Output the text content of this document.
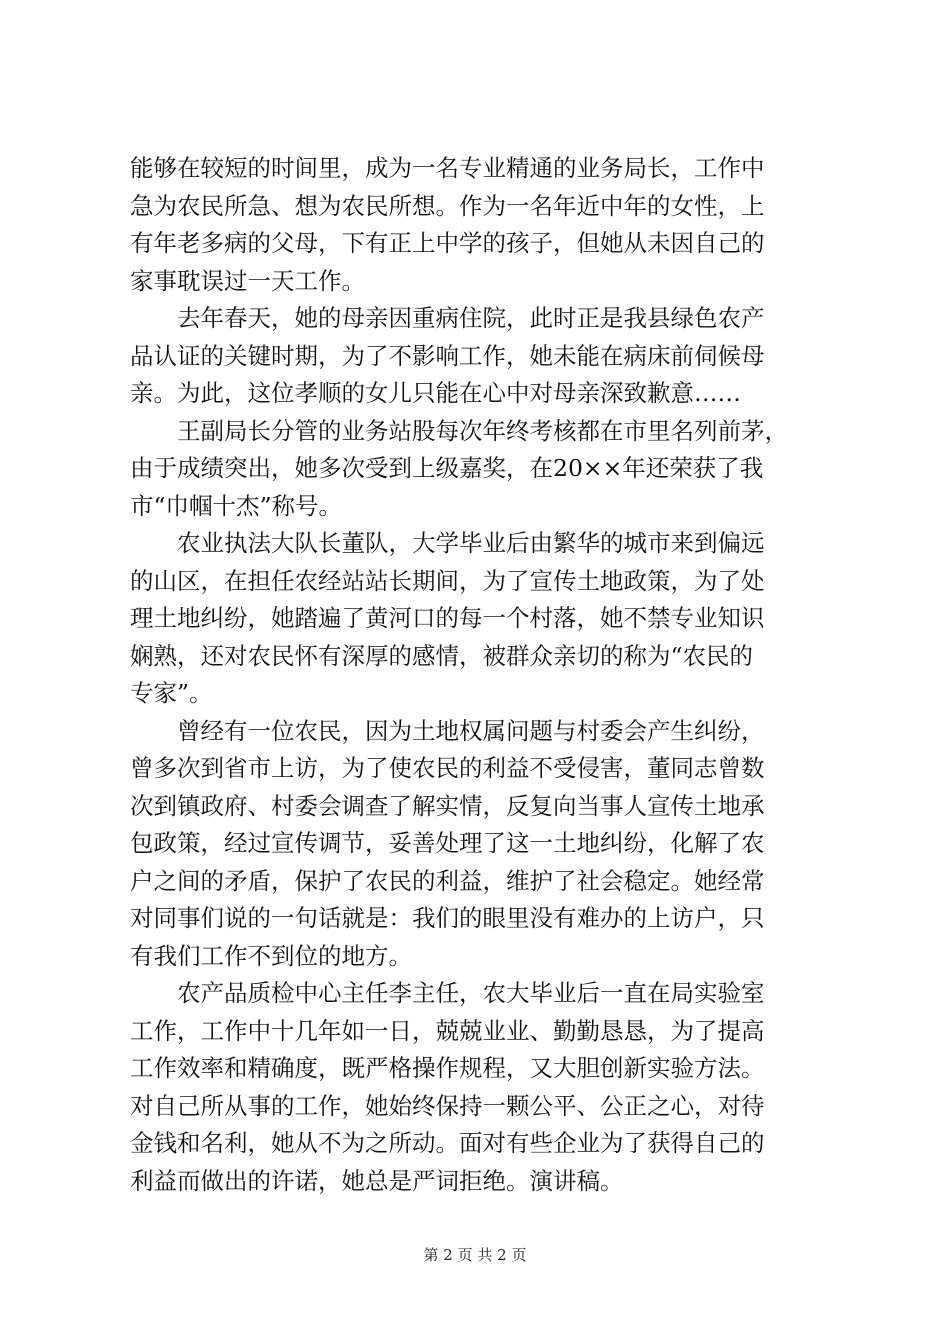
能够在较短的时间里，成为一名专业精通的业务局长，工作中
急为农民所急、想为农民所想。作为一名年近中年的女性，上
有年老多病的父母，下有正上中学的孩子，但她从未因自己的
家事耽误过一天工作。
去年春天，她的母亲因重病住院，此时正是我县绿色农产
品认证的关键时期，为了不影响工作，她未能在病床前伺候母
亲。为此，这位孝顺的女儿只能在心中对母亲深致歉意……
王副局长分管的业务站股每次年终考核都在市里名列前茅，
由于成绩突出，她多次受到上级嘉奖，在20××年还荣获了我
市“巾帼十杰”称号。
农业执法大队长董队，大学毕业后由繁华的城市来到偏远
的山区，在担任农经站站长期间，为了宣传土地政策，为了处
理土地纠纷，她踏遍了黄河口的每一个村落，她不禁专业知识
娴熟，还对农民怀有深厚的感情，被群众亲切的称为“农民的
专家”。
曾经有一位农民，因为土地权属问题与村委会产生纠纷，
曾多次到省市上访，为了使农民的利益不受侵害，董同志曾数
次到镇政府、村委会调查了解实情，反复向当事人宣传土地承
包政策，经过宣传调节，妥善处理了这一土地纠纷，化解了农
户之间的矛盾，保护了农民的利益，维护了社会稳定。她经常
对同事们说的一句话就是：我们的眼里没有难办的上访户，只
有我们工作不到位的地方。
农产品质检中心主任李主任，农大毕业后一直在局实验室
工作，工作中十几年如一日，兢兢业业、勤勤恳恳，为了提高
工作效率和精确度，既严格操作规程，又大胆创新实验方法。
对自己所从事的工作，她始终保持一颗公平、公正之心，对待
金钱和名利，她从不为之所动。面对有些企业为了获得自己的
利益而做出的许诺，她总是严词拒绝。演讲稿。
第 2 页 共 2 页
